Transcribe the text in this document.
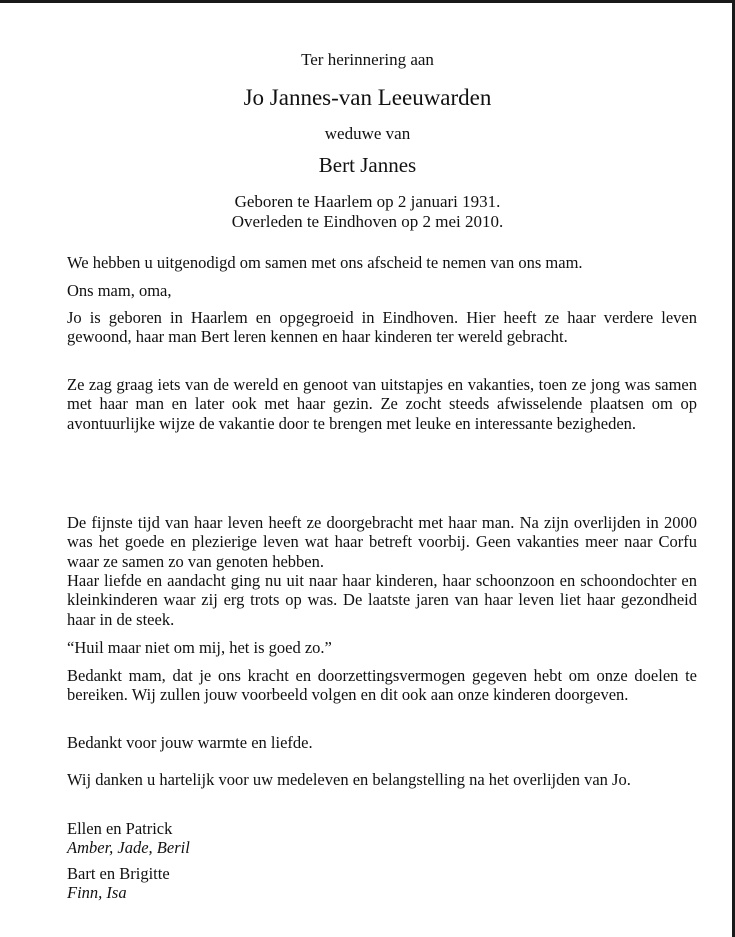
Ter herinnering aan
Jo Jannes-van Leeuwarden
weduwe van
Bert Jannes
Geboren te Haarlem op 2 januari 1931.
Overleden te Eindhoven op 2 mei 2010.
We hebben u uitgenodigd om samen met ons afscheid te nemen van ons mam.
Ons mam, oma,
Jo is geboren in Haarlem en opgegroeid in Eindhoven. Hier heeft ze haar verdere leven gewoond, haar man Bert leren kennen en haar kinderen ter wereld gebracht.
Ze zag graag iets van de wereld en genoot van uitstapjes en vakanties, toen ze jong was samen met haar man en later ook met haar gezin. Ze zocht steeds afwisselende plaatsen om op avontuurlijke wijze de vakantie door te brengen met leuke en interessante bezigheden.
De fijnste tijd van haar leven heeft ze doorgebracht met haar man. Na zijn overlijden in 2000 was het goede en plezierige leven wat haar betreft voorbij. Geen vakanties meer naar Corfu waar ze samen zo van genoten hebben.
Haar liefde en aandacht ging nu uit naar haar kinderen, haar schoonzoon en schoondochter en kleinkinderen waar zij erg trots op was. De laatste jaren van haar leven liet haar gezondheid haar in de steek.
“Huil maar niet om mij, het is goed zo.”
Bedankt mam, dat je ons kracht en doorzettingsvermogen gegeven hebt om onze doelen te bereiken. Wij zullen jouw voorbeeld volgen en dit ook aan onze kinderen doorgeven.
Bedankt voor jouw warmte en liefde.
Wij danken u hartelijk voor uw medeleven en belangstelling na het overlijden van Jo.
Ellen en Patrick
Amber, Jade, Beril
Bart en Brigitte
Finn, Isa
